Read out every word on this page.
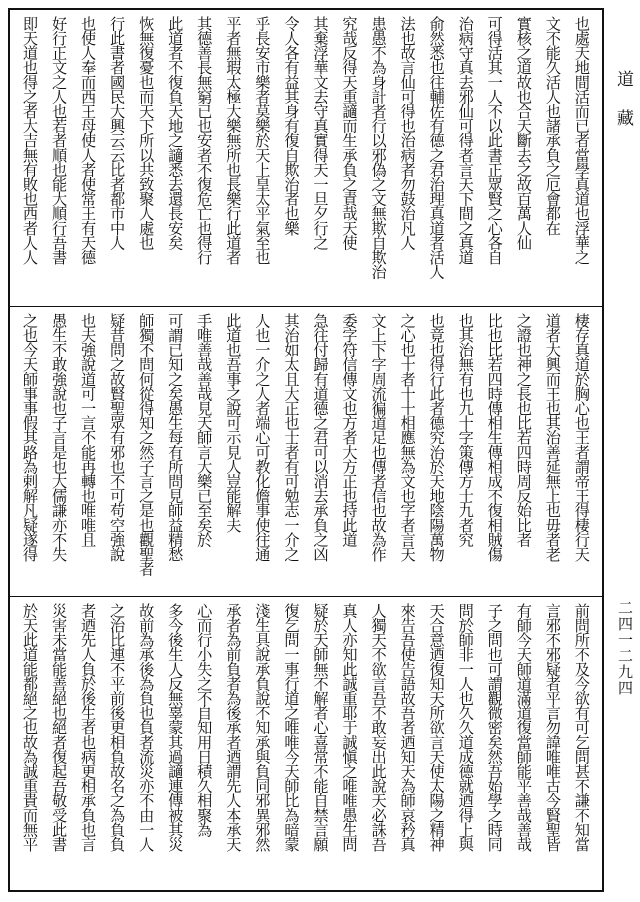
也處天地間活而已者當學真道也浮華之
文不能久活人也諸承負之厄會都在
實核之道故也合天斷去之故百萬人仙
可得活其一人不以此書正眾賢之心各自
治病守真去邪仙可得者言天下間之真道
俞然悉也往輔佐有德之君治理真道者活人
法也故言仙可得也治病者勿鼓治凡人
患愚不為身計者行以邪偽之文無欺自欺治
究哉反得天重讁而生承負之責哉天使
其棄浮華文去守真實得天一旦夕行之
令人各有益其身有復自欺治者也樂
乎長安市樂者莫樂於天上皇太平氣至也
平者無瑕太極大樂無所也長樂行此道者
其德善長無窮已也安者不復危亡也得行
此道者不復負天地之讁悉去還長安矣
恢無復憂也而天下所以共致聚人處也
行此書者國民大興云云比者都市中人
也使人奉而西王母使人者使常王有天德
好行正文之人也若者順也能大順行吾書
即天道也得之者大吉無有敗也西者人人
棲存真道於胸心也王者謂帝王得棲行天
道者大興而王也其治善延無上也毋者老
之證也神之長也比若四時周反始比者
比也比若四時傳相生傳相成不復相賊傷
也其治無有也九十字策傳方士九者究
也竟也得行此者德究治於天地陰陽萬物
之心也十者十十相應無為文也字者言天
文上下字周流徧道足也傳者信也故為作
委字符信傳文也方者大方正也持此道
急往付歸有道德之君可以消去承負之凶
其治如太且大正也士者有可勉志一介之
人也一介之人者端心可教化儋事使往通
此道也吾事之說可示見人豈能解夫
手唯善哉善哉見天師言大樂已至矣於
可謂已知之矣愚生每有所問見師益精愁
師獨不問何從得知之然子言之是也觀聖者
疑昔問之故賢聖眾有邪也不可苟空強說
也夫強說道可一言不能再轉也唯唯且
愚生不敢強說也子言是也大儒謙亦不失
之也今天師事事假其路為剌解凡疑遂得
前問所不及今欲有可乞問甚不謙不知當
言邪不邪疑者平言勿諱唯唯古今賢聖皆
有師今天師道滿道復當師能平善哉善哉
子之問也可謂觀微密矣然吾始學之時同
問於師非一人也久久道成德就迺得上與
天合意迺復知天所欲言天使太陽之精神
來告吾使告語故吾者迺知天為師哀矜真
人獨天不欲言吾不敢妄出此說天必誅吾
真人亦知此誠重耶于誠愼之唯唯愚生問
疑於天師無不解者心喜常不能自禁言願
復乞問一事行道之唯唯今天師比為暗蒙
淺生具說承負說不知承與負同邪異邪然
承者為前負者為後承者迺謂先人本承天
心而行小失之不自知用日積久相聚為
多今後生人反無辜蒙其過讁連傳被其災
故前為承後為負也負者流災亦不由一人
之治比連不平前後更相負故名之為負負
者迺先人負於後生者也病更相承負也言
災害未當能善絕也絕者復起吾敬受此書
於天此道能都絕之也故為誠重貴而無平
道藏
二四一二九四
